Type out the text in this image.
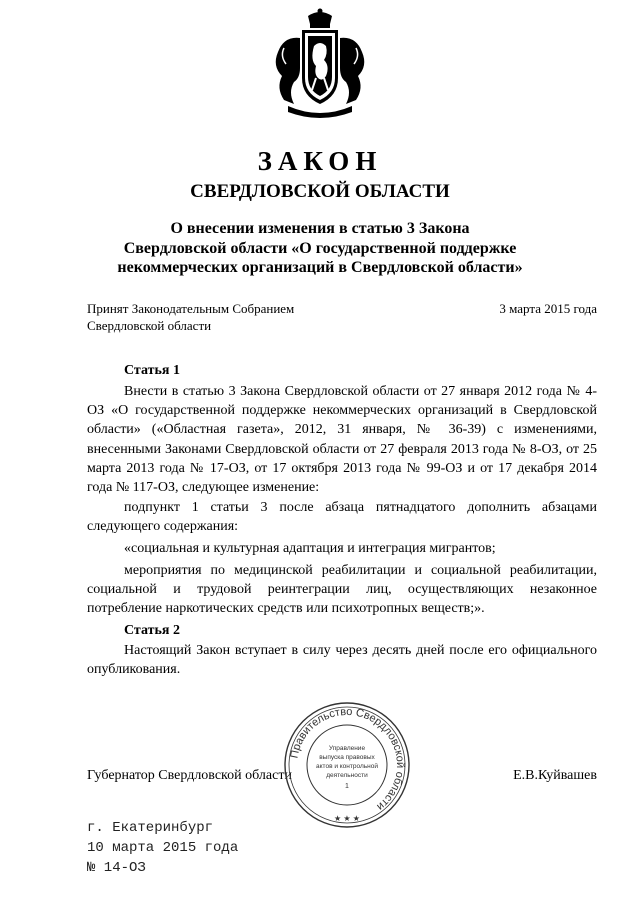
ЗАКОН
СВЕРДЛОВСКОЙ ОБЛАСТИ
О внесении изменения в статью 3 Закона
Свердловской области «О государственной поддержке
некоммерческих организаций в Свердловской области»
Принят Законодательным Собранием
Свердловской области
3 марта 2015 года
Статья 1

Внести в статью 3 Закона Свердловской области от 27 января 2012 года № 4-ОЗ «О государственной поддержке некоммерческих организаций в Свердловской области» («Областная газета», 2012, 31 января, № 36-39) с изменениями, внесенными Законами Свердловской области от 27 февраля 2013 года № 8-ОЗ, от 25 марта 2013 года № 17-ОЗ, от 17 октября 2013 года № 99-ОЗ и от 17 декабря 2014 года № 117-ОЗ, следующее изменение:

подпункт 1 статьи 3 после абзаца пятнадцатого дополнить абзацами следующего содержания:

«социальная и культурная адаптация и интеграция мигрантов;

мероприятия по медицинской реабилитации и социальной реабилитации, социальной и трудовой реинтеграции лиц, осуществляющих незаконное потребление наркотических средств или психотропных веществ;».

Статья 2

Настоящий Закон вступает в силу через десять дней после его официального опубликования.

Губернатор Свердловской области	Е.В.Куйвашев
Правительство Свердловской области
Управление
выпуска правовых
актов и контрольной
деятельности
1
★ ★ ★
г. Екатеринбург
10 марта 2015 года
№ 14-ОЗ
